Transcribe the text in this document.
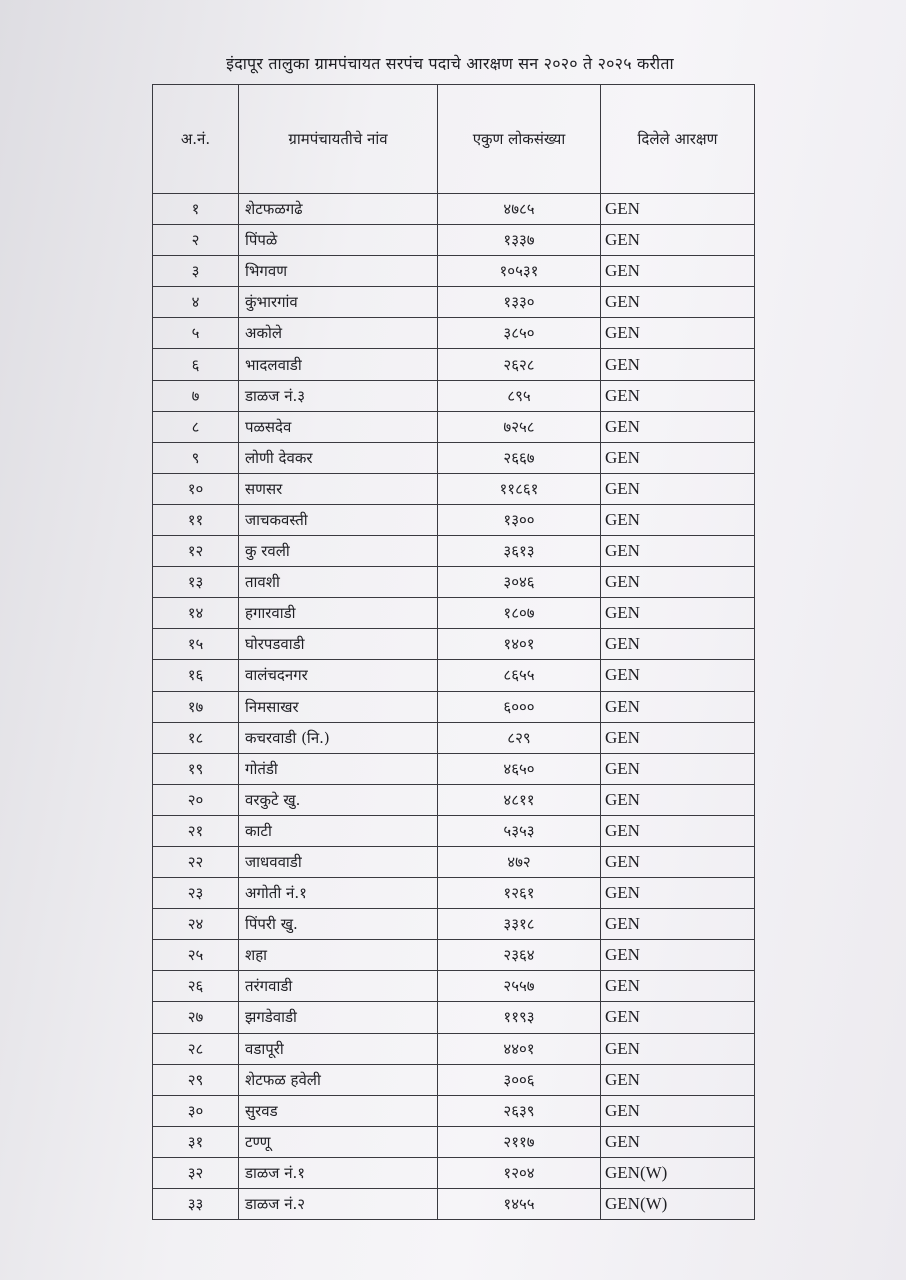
इंदापूर तालुका ग्रामपंचायत सरपंच पदाचे आरक्षण सन २०२० ते २०२५ करीता
अ.नं.	ग्रामपंचायतीचे नांव	एकुण लोकसंख्या	दिलेले आरक्षण
१	शेटफळगढे	४७८५	GEN
२	पिंपळे	१३३७	GEN
३	भिगवण	१०५३१	GEN
४	कुंभारगांव	१३३०	GEN
५	अकोले	३८५०	GEN
६	भादलवाडी	२६२८	GEN
७	डाळज नं.३	८९५	GEN
८	पळसदेव	७२५८	GEN
९	लोणी देवकर	२६६७	GEN
१०	सणसर	११८६१	GEN
११	जाचकवस्ती	१३००	GEN
१२	कु रवली	३६१३	GEN
१३	तावशी	३०४६	GEN
१४	हगारवाडी	१८०७	GEN
१५	घोरपडवाडी	१४०१	GEN
१६	वालंचदनगर	८६५५	GEN
१७	निमसाखर	६०००	GEN
१८	कचरवाडी (नि.)	८२९	GEN
१९	गोतंडी	४६५०	GEN
२०	वरकुटे खु.	४८११	GEN
२१	काटी	५३५३	GEN
२२	जाधववाडी	४७२	GEN
२३	अगोती नं.१	१२६१	GEN
२४	पिंपरी खु.	३३१८	GEN
२५	शहा	२३६४	GEN
२६	तरंगवाडी	२५५७	GEN
२७	झगडेवाडी	११९३	GEN
२८	वडापूरी	४४०१	GEN
२९	शेटफळ हवेली	३००६	GEN
३०	सुरवड	२६३९	GEN
३१	टण्णू	२११७	GEN
३२	डाळज नं.१	१२०४	GEN(W)
३३	डाळज नं.२	१४५५	GEN(W)
